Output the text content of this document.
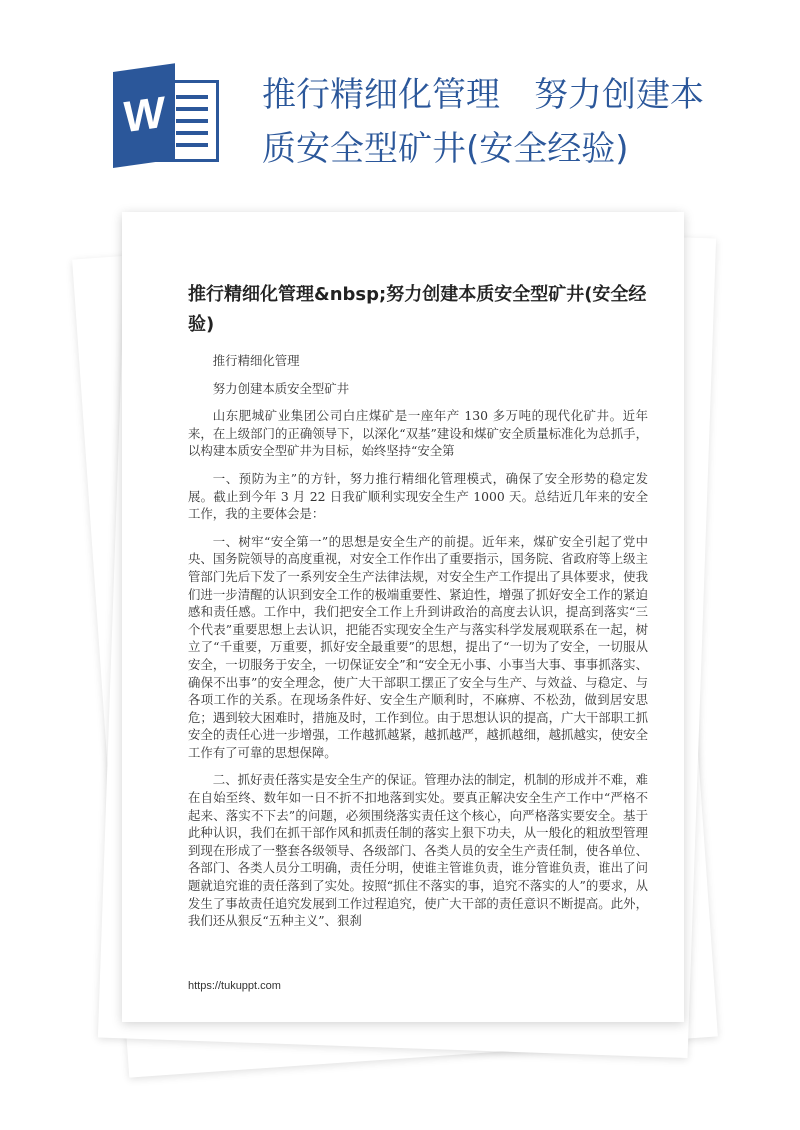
W	推行精细化管理　努力创建本
质安全型矿井(安全经验)
推行精细化管理&nbsp;努力创建本质安全型矿井(安全经验)

推行精细化管理

努力创建本质安全型矿井

山东肥城矿业集团公司白庄煤矿是一座年产 130 多万吨的现代化矿井。近年来，在上级部门的正确领导下，以深化“双基”建设和煤矿安全质量标准化为总抓手，以构建本质安全型矿井为目标，始终坚持“安全第

一、预防为主”的方针，努力推行精细化管理模式，确保了安全形势的稳定发展。截止到今年 3 月 22 日我矿顺利实现安全生产 1000 天。总结近几年来的安全工作，我的主要体会是：

一、树牢“安全第一”的思想是安全生产的前提。近年来，煤矿安全引起了党中央、国务院领导的高度重视，对安全工作作出了重要指示，国务院、省政府等上级主管部门先后下发了一系列安全生产法律法规，对安全生产工作提出了具体要求，使我们进一步清醒的认识到安全工作的极端重要性、紧迫性，增强了抓好安全工作的紧迫感和责任感。工作中，我们把安全工作上升到讲政治的高度去认识，提高到落实“三个代表”重要思想上去认识，把能否实现安全生产与落实科学发展观联系在一起，树立了“千重要，万重要，抓好安全最重要”的思想，提出了“一切为了安全，一切服从安全，一切服务于安全，一切保证安全”和“安全无小事、小事当大事、事事抓落实、确保不出事”的安全理念，使广大干部职工摆正了安全与生产、与效益、与稳定、与各项工作的关系。在现场条件好、安全生产顺利时，不麻痹、不松劲，做到居安思危；遇到较大困难时，措施及时，工作到位。由于思想认识的提高，广大干部职工抓安全的责任心进一步增强，工作越抓越紧，越抓越严，越抓越细，越抓越实，使安全工作有了可靠的思想保障。

二、抓好责任落实是安全生产的保证。管理办法的制定，机制的形成并不难，难在自始至终、数年如一日不折不扣地落到实处。要真正解决安全生产工作中“严格不起来、落实不下去”的问题，必须围绕落实责任这个核心，向严格落实要安全。基于此种认识，我们在抓干部作风和抓责任制的落实上狠下功夫，从一般化的粗放型管理到现在形成了一整套各级领导、各级部门、各类人员的安全生产责任制，使各单位、各部门、各类人员分工明确，责任分明，使谁主管谁负责，谁分管谁负责，谁出了问题就追究谁的责任落到了实处。按照“抓住不落实的事，追究不落实的人”的要求，从发生了事故责任追究发展到工作过程追究，使广大干部的责任意识不断提高。此外，我们还从狠反“五种主义”、狠刹

https://tukuppt.com
